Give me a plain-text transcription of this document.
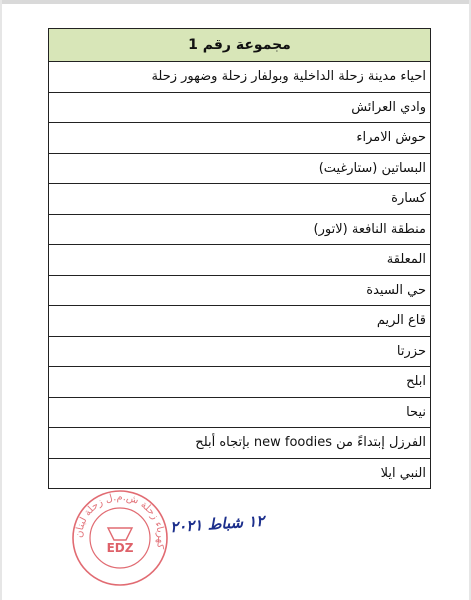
مجموعة رقم 1
احياء مدينة زحلة الداخلية وبولفار زحلة وضهور زحلة
وادي العرائش
حوش الامراء
البساتين (ستارغيت)
كسارة
منطقة النافعة (لاتور)
المعلقة
حي السيدة
قاع الريم
حزرتا
ابلح
نيحا
الفرزل إبتداءً من new foodies بإتجاه أبلح
النبي ايلا
كهرباء زحلة ش.م.ل زحلة لبنان
EDZ
١٢ شباط ٢٠٢١
